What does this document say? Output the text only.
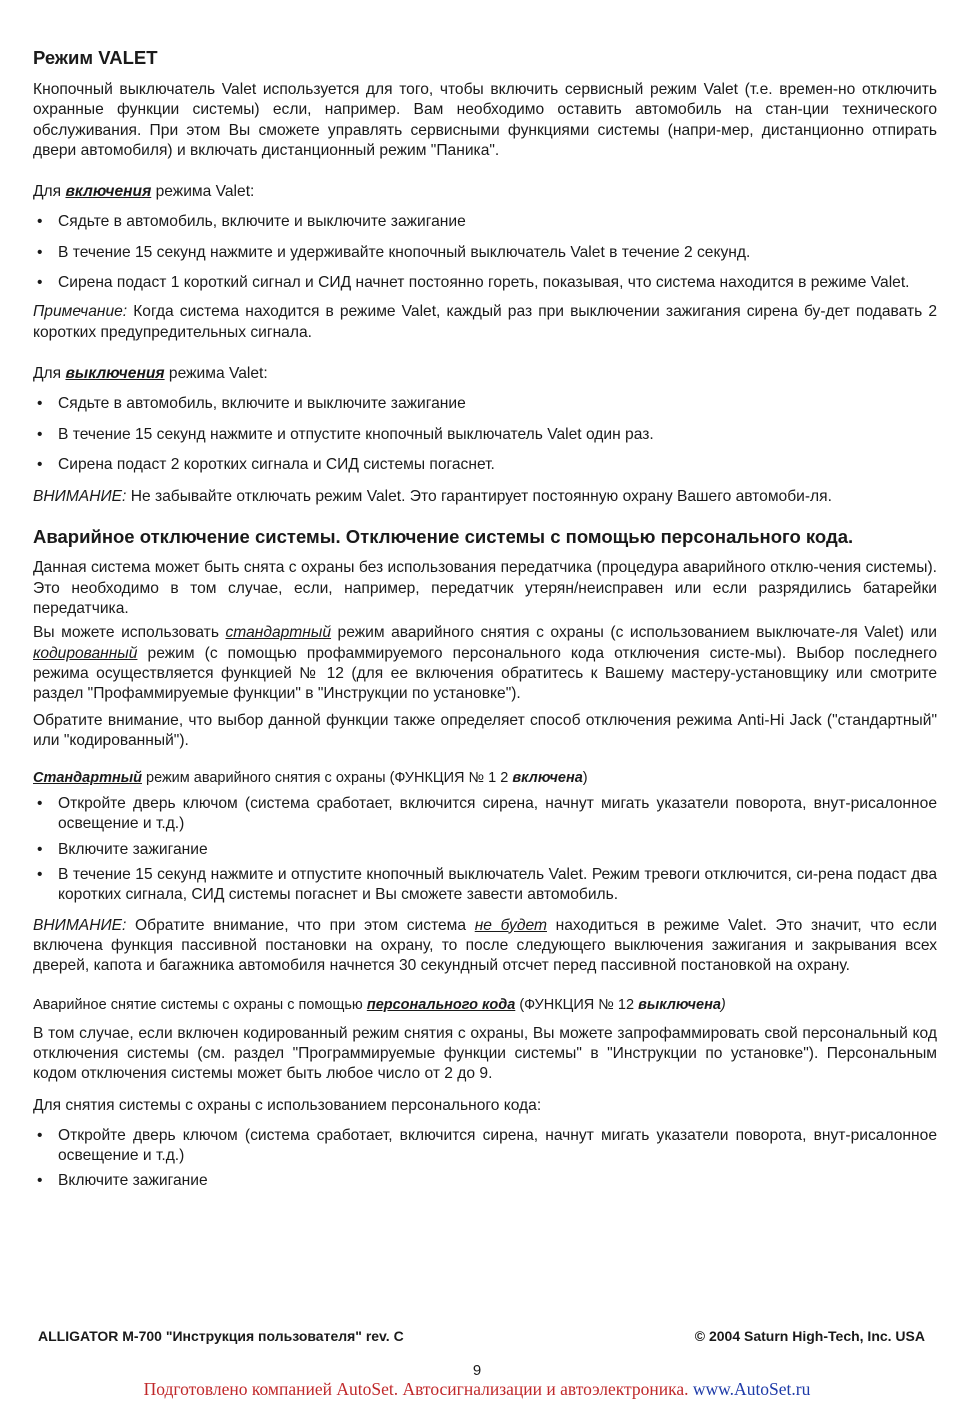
Режим VALET

Кнопочный выключатель Valet используется для того, чтобы включить сервисный режим Valet (т.е. времен-но отключить охранные функции системы) если, например. Вам необходимо оставить автомобиль на стан-ции технического обслуживания. При этом Вы сможете управлять сервисными функциями системы (напри-мер, дистанционно отпирать двери автомобиля) и включать дистанционный режим "Паника".

Для включения режима Valet:

• Сядьте в автомобиль, включите и выключите зажигание
• В течение 15 секунд нажмите и удерживайте кнопочный выключатель Valet в течение 2 секунд.
• Сирена подаст 1 короткий сигнал и СИД начнет постоянно гореть, показывая, что система находится в режиме Valet.

Примечание: Когда система находится в режиме Valet, каждый раз при выключении зажигания сирена бу-дет подавать 2 коротких предупредительных сигнала.

Для выключения режима Valet:

• Сядьте в автомобиль, включите и выключите зажигание
• В течение 15 секунд нажмите и отпустите кнопочный выключатель Valet один раз.
• Сирена подаст 2 коротких сигнала и СИД системы погаснет.

ВНИМАНИЕ: Не забывайте отключать режим Valet. Это гарантирует постоянную охрану Вашего автомоби-ля.

Аварийное отключение системы. Отключение системы с помощью персонального кода.

Данная система может быть снята с охраны без использования передатчика (процедура аварийного отклю-чения системы). Это необходимо в том случае, если, например, передатчик утерян/неисправен или если разрядились батарейки передатчика.

Вы можете использовать стандартный режим аварийного снятия с охраны (с использованием выключате-ля Valet) или кодированный режим (с помощью профаммируемого персонального кода отключения систе-мы). Выбор последнего режима осуществляется функцией № 12 (для ее включения обратитесь к Вашему мастеру-установщику или смотрите раздел "Профаммируемые функции" в "Инструкции по установке").

Обратите внимание, что выбор данной функции также определяет способ отключения режима Anti-Hi Jack ("стандартный" или "кодированный").

Стандартный режим аварийного снятия с охраны (ФУНКЦИЯ № 1 2 включена)

• Откройте дверь ключом (система сработает, включится сирена, начнут мигать указатели поворота, внут-рисалонное освещение и т.д.)
• Включите зажигание
• В течение 15 секунд нажмите и отпустите кнопочный выключатель Valet. Режим тревоги отключится, си-рена подаст два коротких сигнала, СИД системы погаснет и Вы сможете завести автомобиль.

ВНИМАНИЕ: Обратите внимание, что при этом система не будет находиться в режиме Valet. Это значит, что если включена функция пассивной постановки на охрану, то после следующего выключения зажигания и закрывания всех дверей, капота и багажника автомобиля начнется 30 секундный отсчет перед пассивной постановкой на охрану.

Аварийное снятие системы с охраны с помощью персонального кода (ФУНКЦИЯ № 12 выключена)

В том случае, если включен кодированный режим снятия с охраны, Вы можете запрофаммировать свой персональный код отключения системы (см. раздел "Программируемые функции системы" в "Инструкции по установке"). Персональным кодом отключения системы может быть любое число от 2 до 9.

Для снятия системы с охраны с использованием персонального кода:

• Откройте дверь ключом (система сработает, включится сирена, начнут мигать указатели поворота, внут-рисалонное освещение и т.д.)
• Включите зажигание
ALLIGATOR M-700 "Инструкция пользователя" rev. С	© 2004 Saturn High-Tech, Inc. USA
9
Подготовлено компанией AutoSet. Автосигнализации и автоэлектроника. www.AutoSet.ru
